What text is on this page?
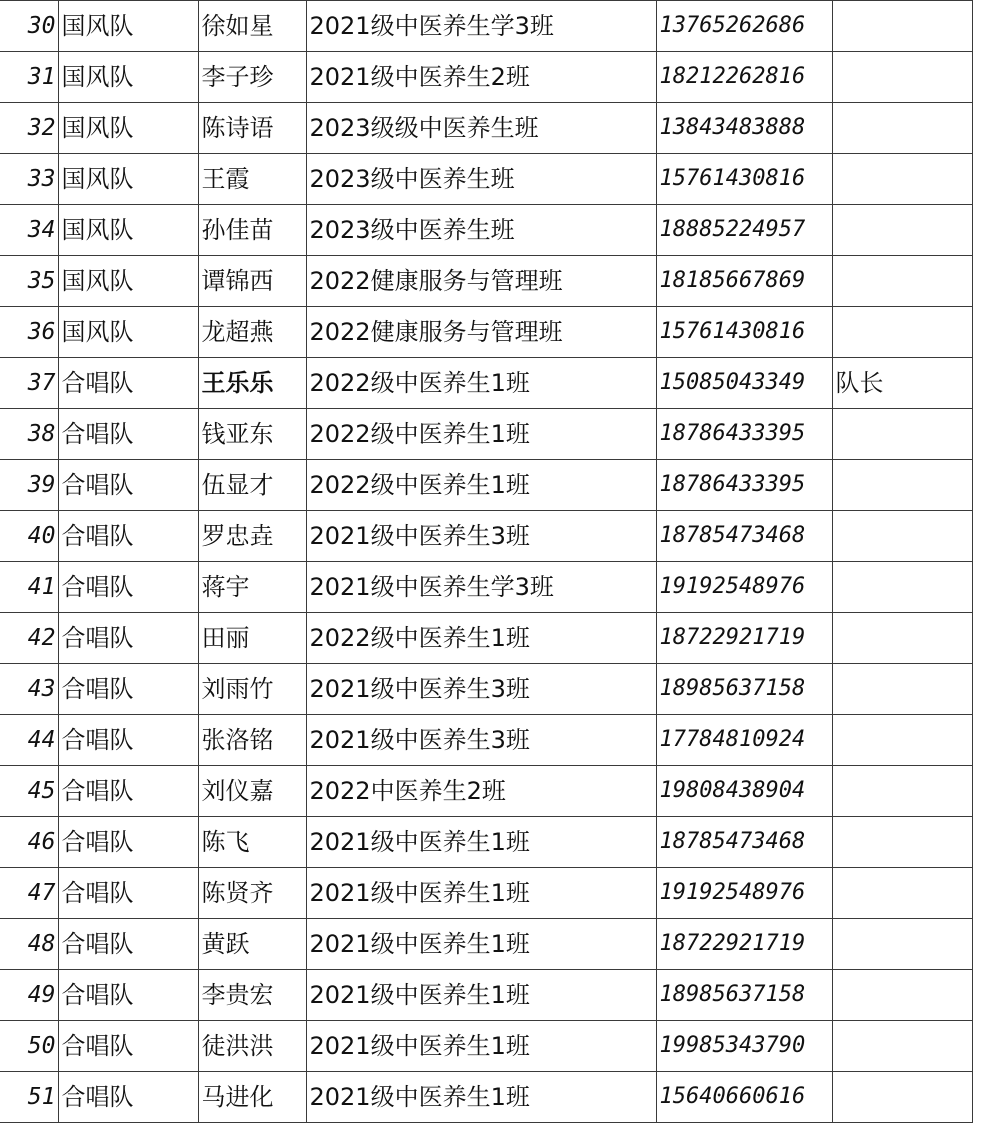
30	国风队	徐如星	2021级中医养生学3班	13765262686	
31	国风队	李子珍	2021级中医养生2班	18212262816	
32	国风队	陈诗语	2023级级中医养生班	13843483888	
33	国风队	王霞	2023级中医养生班	15761430816	
34	国风队	孙佳苗	2023级中医养生班	18885224957	
35	国风队	谭锦西	2022健康服务与管理班	18185667869	
36	国风队	龙超燕	2022健康服务与管理班	15761430816	
37	合唱队	王乐乐	2022级中医养生1班	15085043349	队长
38	合唱队	钱亚东	2022级中医养生1班	18786433395	
39	合唱队	伍显才	2022级中医养生1班	18786433395	
40	合唱队	罗忠垚	2021级中医养生3班	18785473468	
41	合唱队	蒋宇	2021级中医养生学3班	19192548976	
42	合唱队	田丽	2022级中医养生1班	18722921719	
43	合唱队	刘雨竹	2021级中医养生3班	18985637158	
44	合唱队	张洛铭	2021级中医养生3班	17784810924	
45	合唱队	刘仪嘉	2022中医养生2班	19808438904	
46	合唱队	陈飞	2021级中医养生1班	18785473468	
47	合唱队	陈贤齐	2021级中医养生1班	19192548976	
48	合唱队	黄跃	2021级中医养生1班	18722921719	
49	合唱队	李贵宏	2021级中医养生1班	18985637158	
50	合唱队	徒洪洪	2021级中医养生1班	19985343790	
51	合唱队	马进化	2021级中医养生1班	15640660616	
